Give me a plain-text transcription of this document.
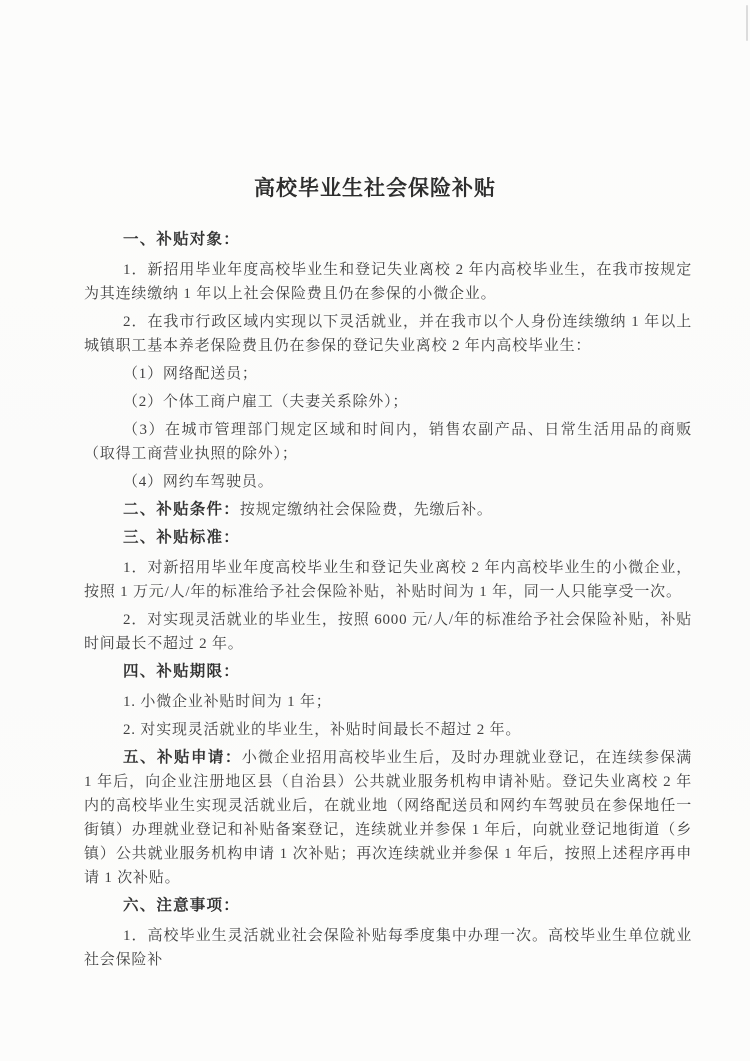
高校毕业生社会保险补贴
一、补贴对象：

1．新招用毕业年度高校毕业生和登记失业离校 2 年内高校毕业生，在我市按规定为其连续缴纳 1 年以上社会保险费且仍在参保的小微企业。

2．在我市行政区域内实现以下灵活就业，并在我市以个人身份连续缴纳 1 年以上城镇职工基本养老保险费且仍在参保的登记失业离校 2 年内高校毕业生：

（1）网络配送员；

（2）个体工商户雇工（夫妻关系除外）；

（3）在城市管理部门规定区域和时间内，销售农副产品、日常生活用品的商贩（取得工商营业执照的除外）；

（4）网约车驾驶员。

二、补贴条件：按规定缴纳社会保险费，先缴后补。

三、补贴标准：

1．对新招用毕业年度高校毕业生和登记失业离校 2 年内高校毕业生的小微企业，按照 1 万元/人/年的标准给予社会保险补贴，补贴时间为 1 年，同一人只能享受一次。

2．对实现灵活就业的毕业生，按照 6000 元/人/年的标准给予社会保险补贴，补贴时间最长不超过 2 年。

四、补贴期限：

1. 小微企业补贴时间为 1 年；

2. 对实现灵活就业的毕业生，补贴时间最长不超过 2 年。

五、补贴申请：小微企业招用高校毕业生后，及时办理就业登记，在连续参保满 1 年后，向企业注册地区县（自治县）公共就业服务机构申请补贴。登记失业离校 2 年内的高校毕业生实现灵活就业后，在就业地（网络配送员和网约车驾驶员在参保地任一街镇）办理就业登记和补贴备案登记，连续就业并参保 1 年后，向就业登记地街道（乡镇）公共就业服务机构申请 1 次补贴；再次连续就业并参保 1 年后，按照上述程序再申请 1 次补贴。

六、注意事项：

1．高校毕业生灵活就业社会保险补贴每季度集中办理一次。高校毕业生单位就业社会保险补
